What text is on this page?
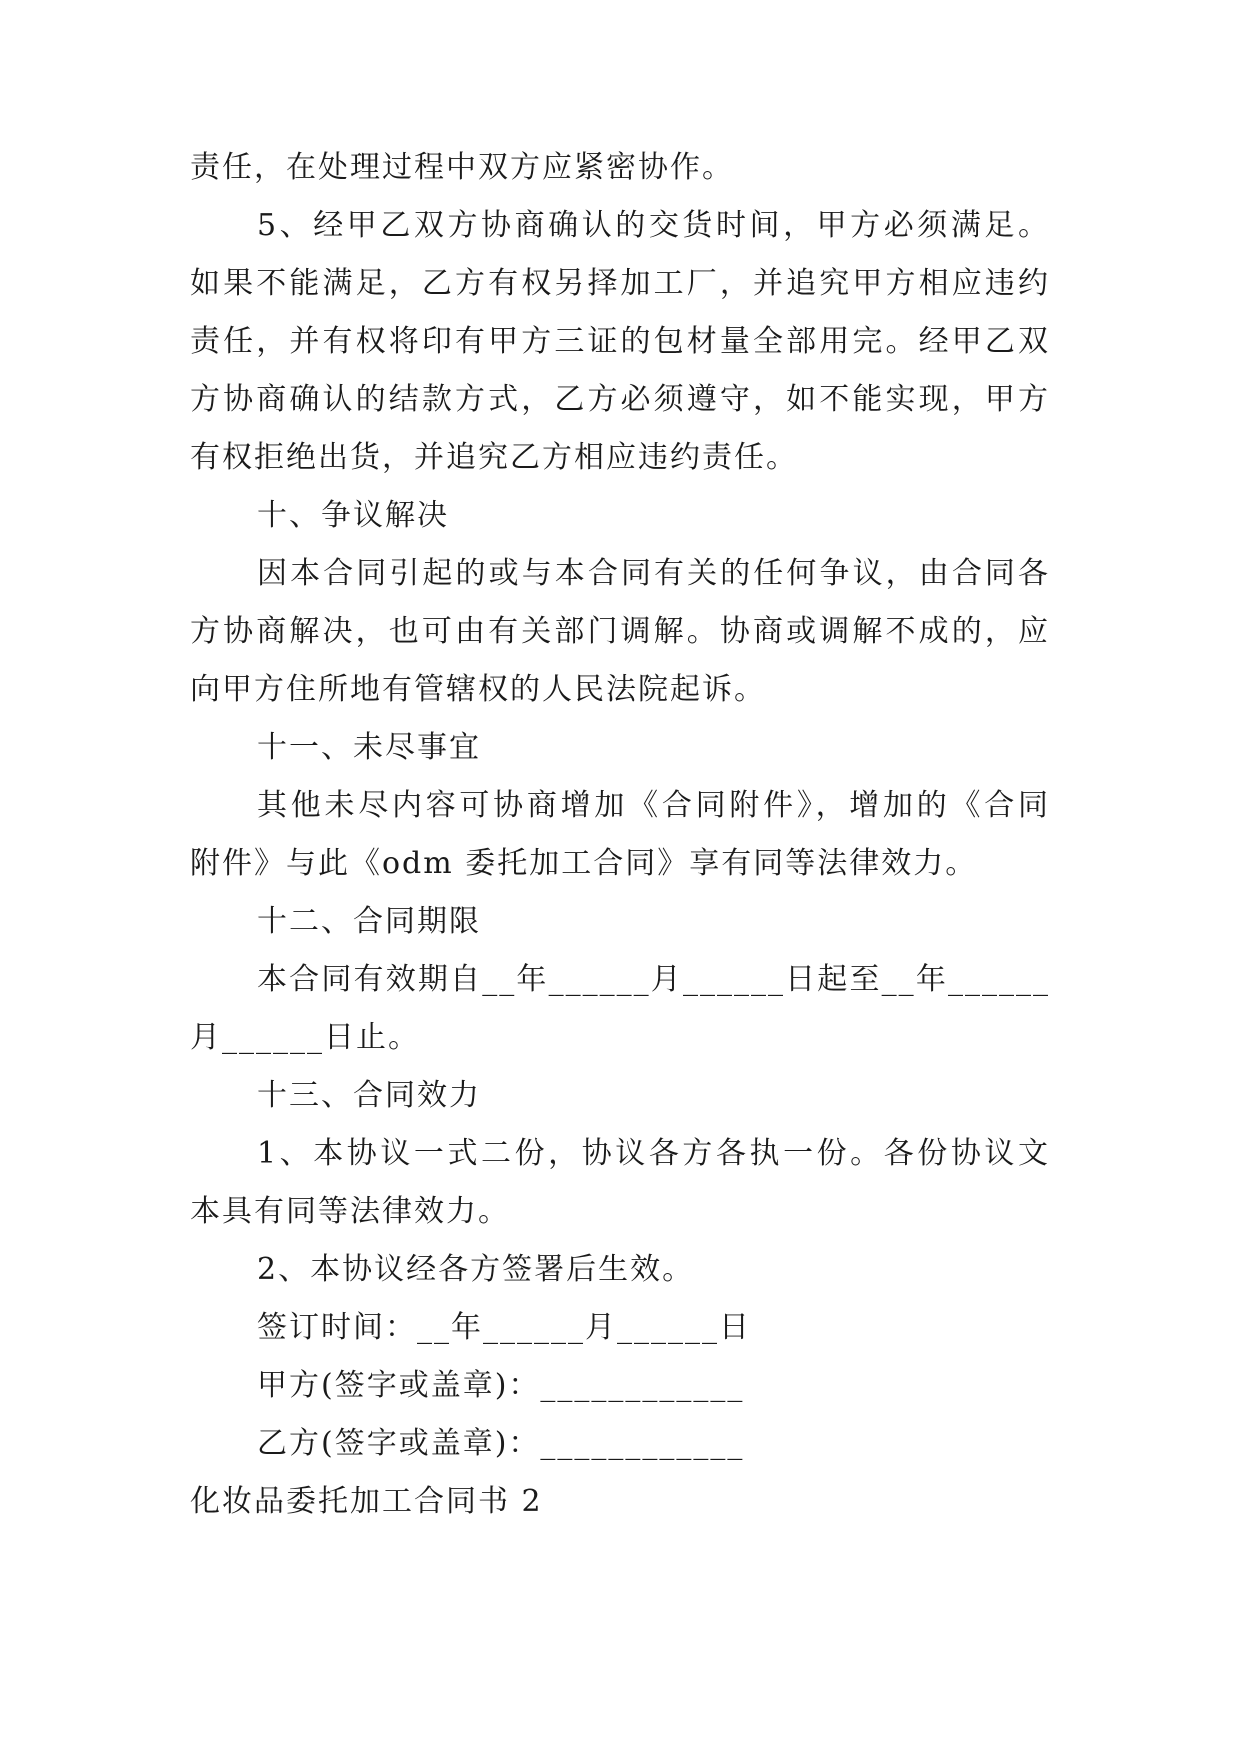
责任，在处理过程中双方应紧密协作。
5、经甲乙双方协商确认的交货时间，甲方必须满足。
如果不能满足，乙方有权另择加工厂，并追究甲方相应违约
责任，并有权将印有甲方三证的包材量全部用完。经甲乙双
方协商确认的结款方式，乙方必须遵守，如不能实现，甲方
有权拒绝出货，并追究乙方相应违约责任。
十、争议解决
因本合同引起的或与本合同有关的任何争议，由合同各
方协商解决，也可由有关部门调解。协商或调解不成的，应
向甲方住所地有管辖权的人民法院起诉。
十一、未尽事宜
其他未尽内容可协商增加《合同附件》，增加的《合同
附件》与此《odm 委托加工合同》享有同等法律效力。
十二、合同期限
本合同有效期自__年______月______日起至__年______
月______日止。
十三、合同效力
1、本协议一式二份，协议各方各执一份。各份协议文
本具有同等法律效力。
2、本协议经各方签署后生效。
签订时间：__年______月______日
甲方(签字或盖章)：____________
乙方(签字或盖章)：____________
化妆品委托加工合同书 2
